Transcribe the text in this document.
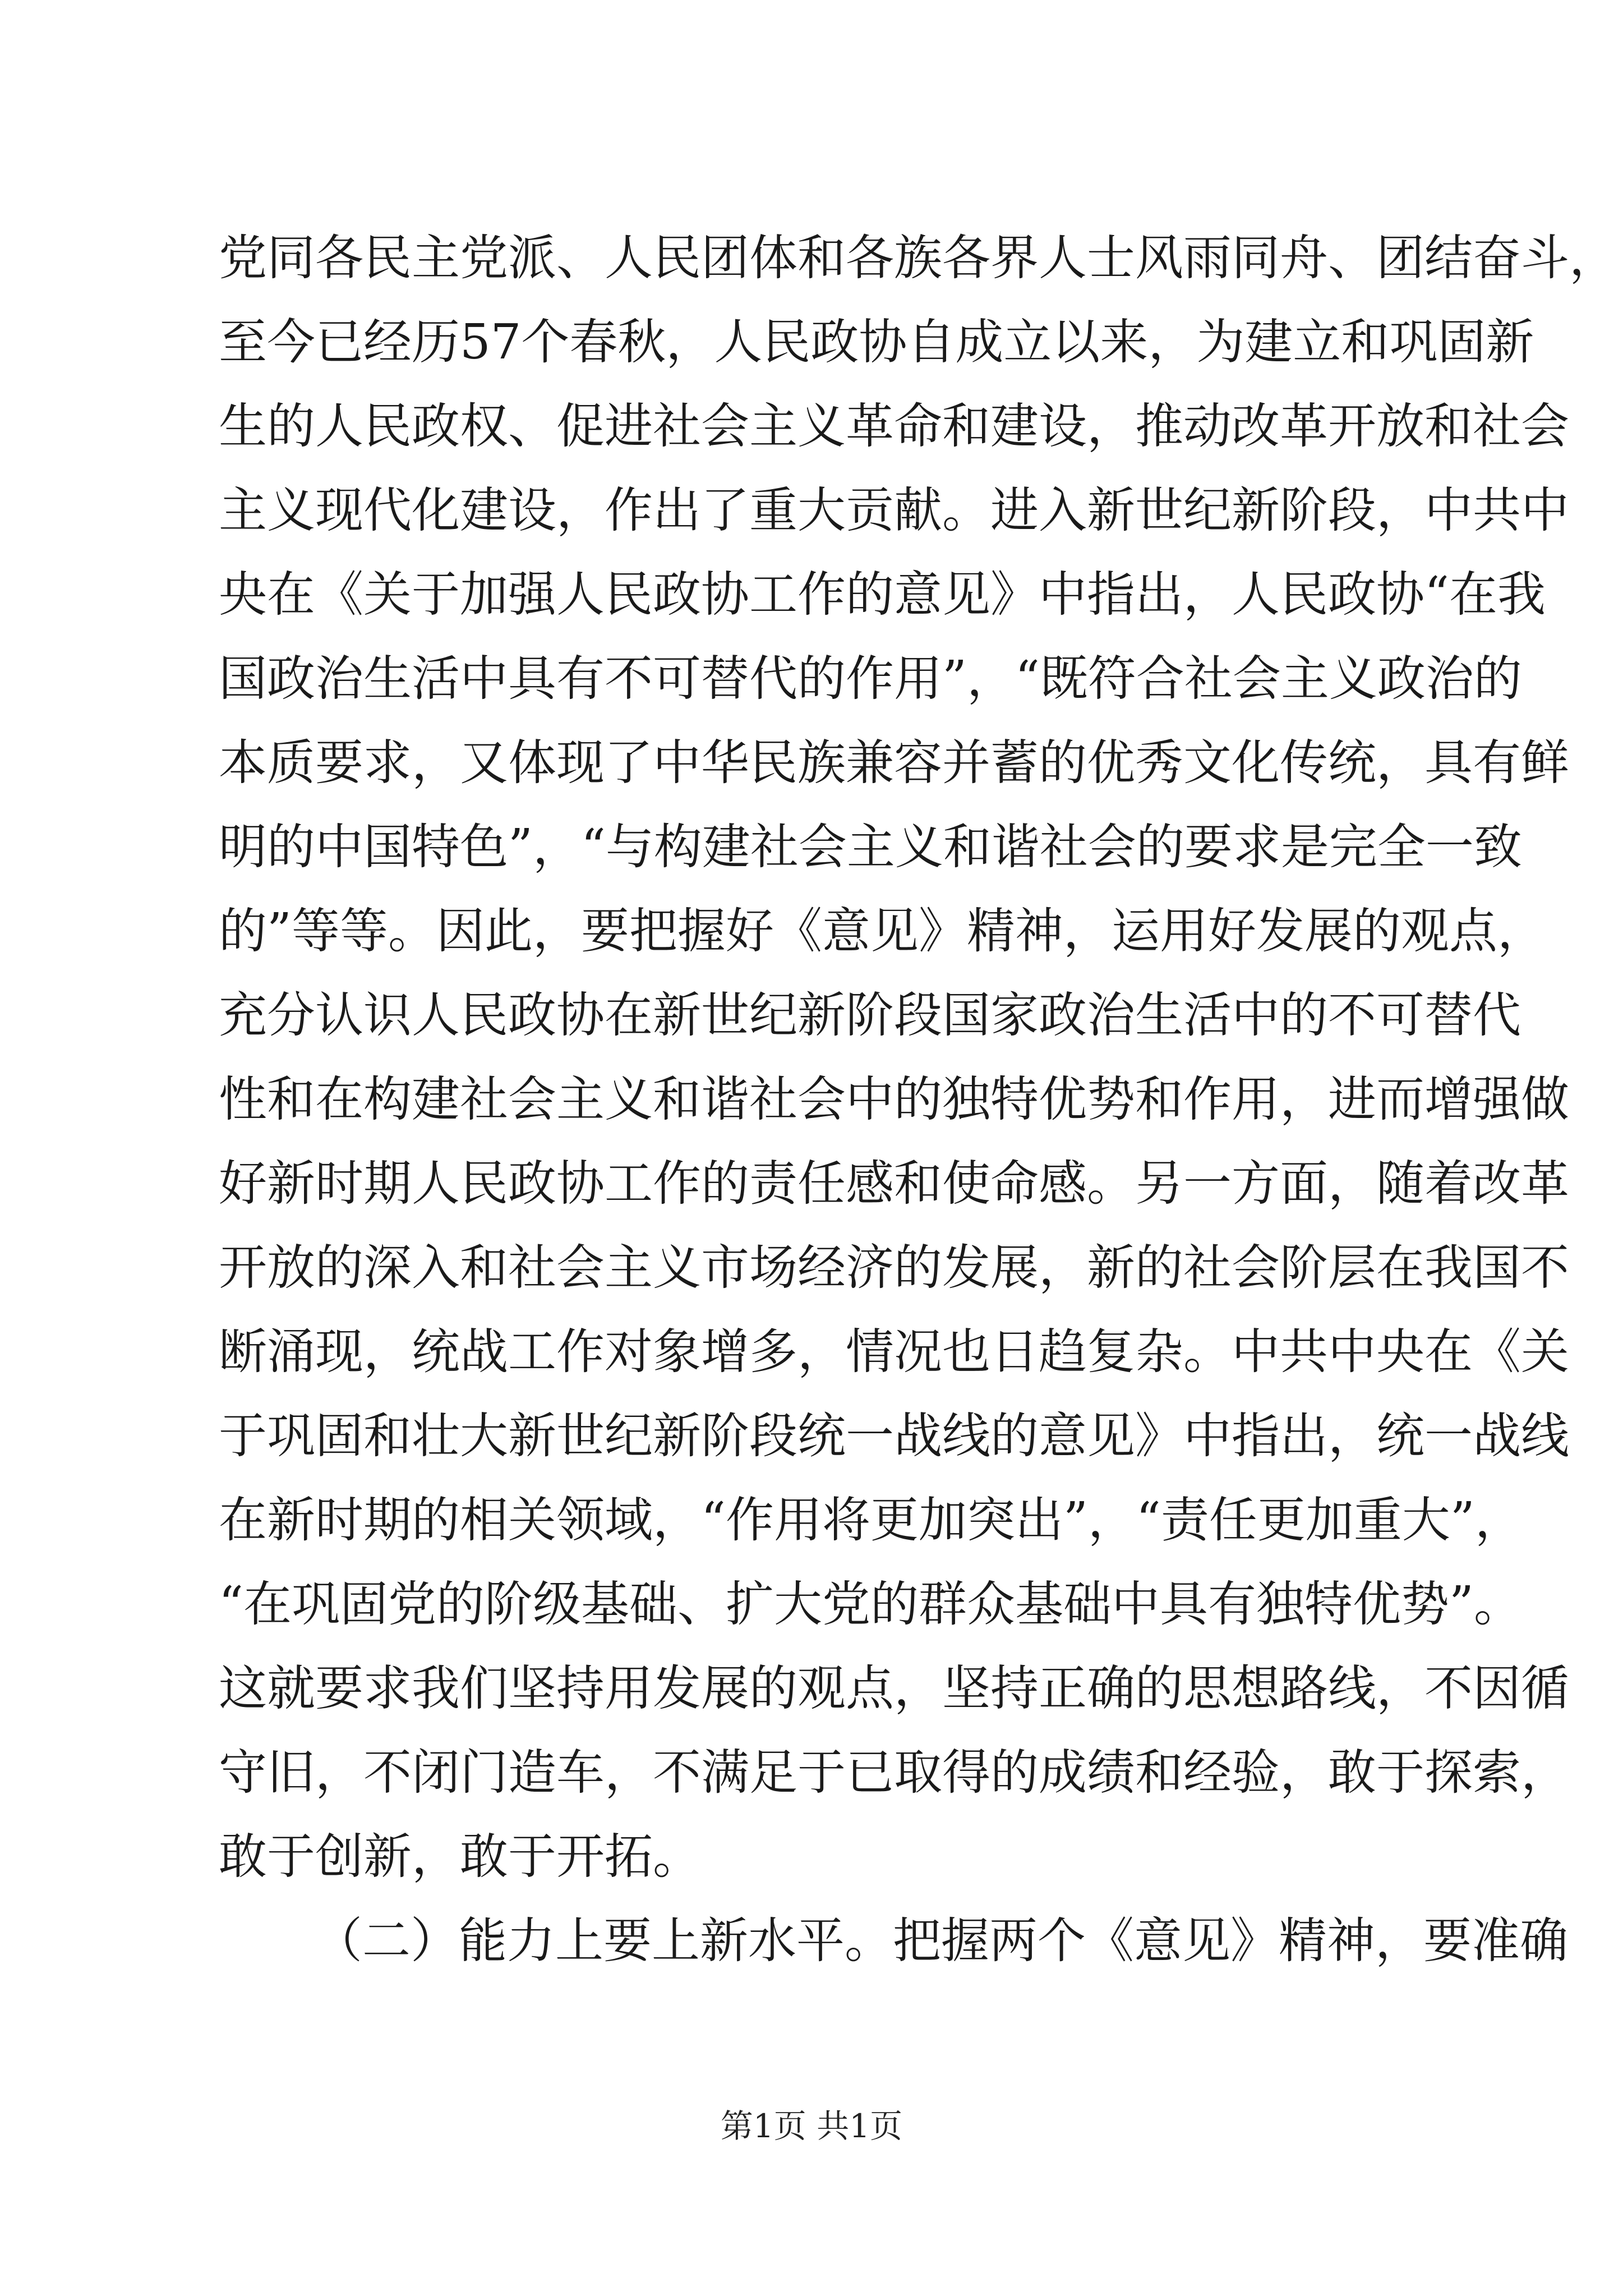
党同各民主党派、人民团体和各族各界人士风雨同舟、团结奋斗，
至今已经历57个春秋，人民政协自成立以来，为建立和巩固新
生的人民政权、促进社会主义革命和建设，推动改革开放和社会
主义现代化建设，作出了重大贡献。进入新世纪新阶段，中共中
央在《关于加强人民政协工作的意见》中指出，人民政协“在我
国政治生活中具有不可替代的作用”，“既符合社会主义政治的
本质要求，又体现了中华民族兼容并蓄的优秀文化传统，具有鲜
明的中国特色”，“与构建社会主义和谐社会的要求是完全一致
的”等等。因此，要把握好《意见》精神，运用好发展的观点，
充分认识人民政协在新世纪新阶段国家政治生活中的不可替代
性和在构建社会主义和谐社会中的独特优势和作用，进而增强做
好新时期人民政协工作的责任感和使命感。另一方面，随着改革
开放的深入和社会主义市场经济的发展，新的社会阶层在我国不
断涌现，统战工作对象增多，情况也日趋复杂。中共中央在《关
于巩固和壮大新世纪新阶段统一战线的意见》中指出，统一战线
在新时期的相关领域，“作用将更加突出”，“责任更加重大”，
“在巩固党的阶级基础、扩大党的群众基础中具有独特优势”。
这就要求我们坚持用发展的观点，坚持正确的思想路线，不因循
守旧，不闭门造车，不满足于已取得的成绩和经验，敢于探索，
敢于创新，敢于开拓。
（二）能力上要上新水平。把握两个《意见》精神，要准确
第1页 共1页
